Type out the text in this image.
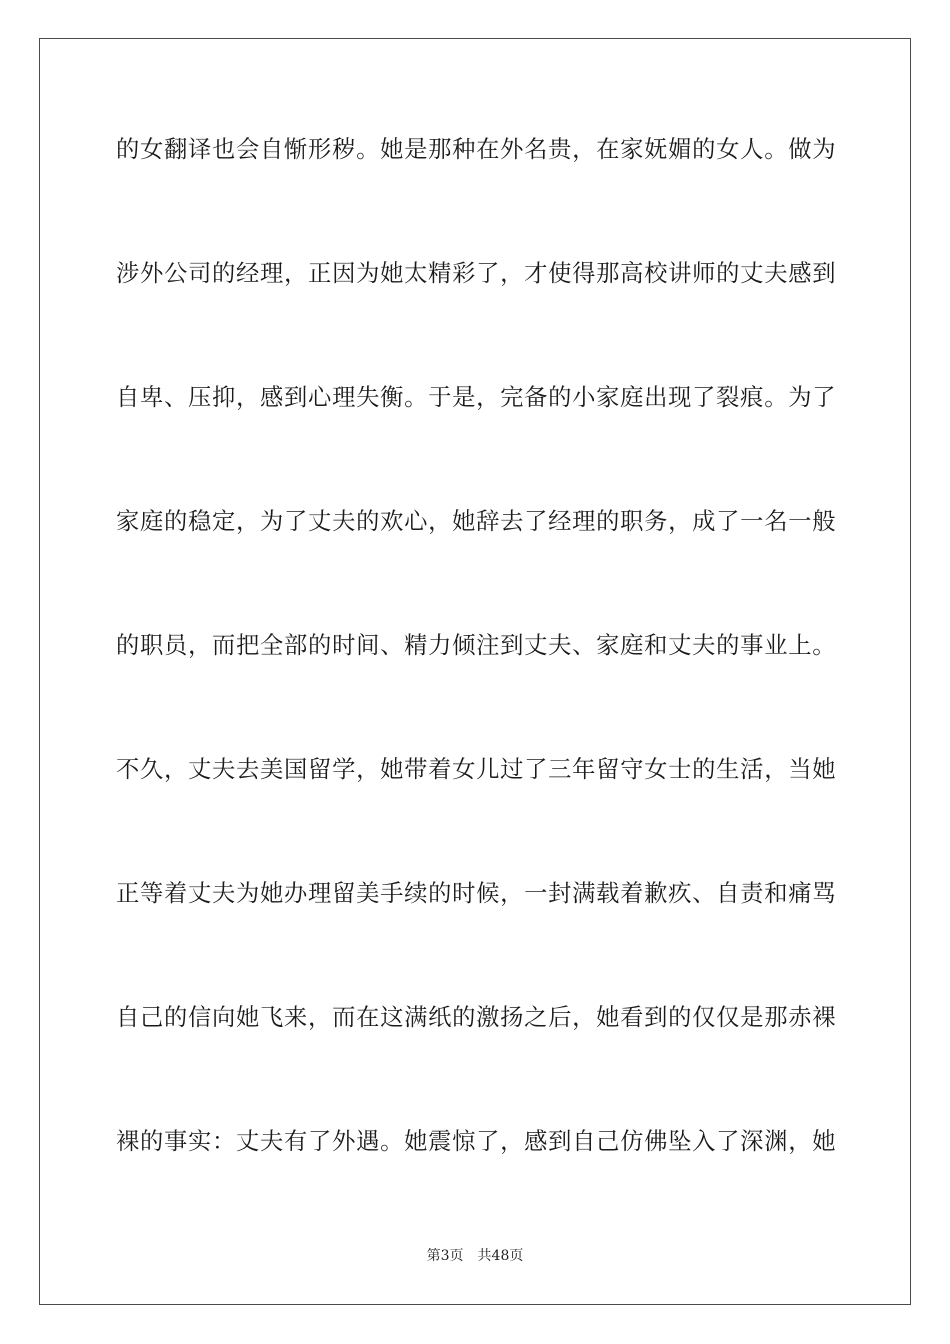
的女翻译也会自惭形秽。她是那种在外名贵，在家妩媚的女人。做为
涉外公司的经理，正因为她太精彩了，才使得那高校讲师的丈夫感到
自卑、压抑，感到心理失衡。于是，完备的小家庭出现了裂痕。为了
家庭的稳定，为了丈夫的欢心，她辞去了经理的职务，成了一名一般
的职员，而把全部的时间、精力倾注到丈夫、家庭和丈夫的事业上。
不久，丈夫去美国留学，她带着女儿过了三年留守女士的生活，当她
正等着丈夫为她办理留美手续的时候，一封满载着歉疚、自责和痛骂
自己的信向她飞来，而在这满纸的激扬之后，她看到的仅仅是那赤裸
裸的事实：丈夫有了外遇。她震惊了，感到自己仿佛坠入了深渊，她
第3页 共48页
